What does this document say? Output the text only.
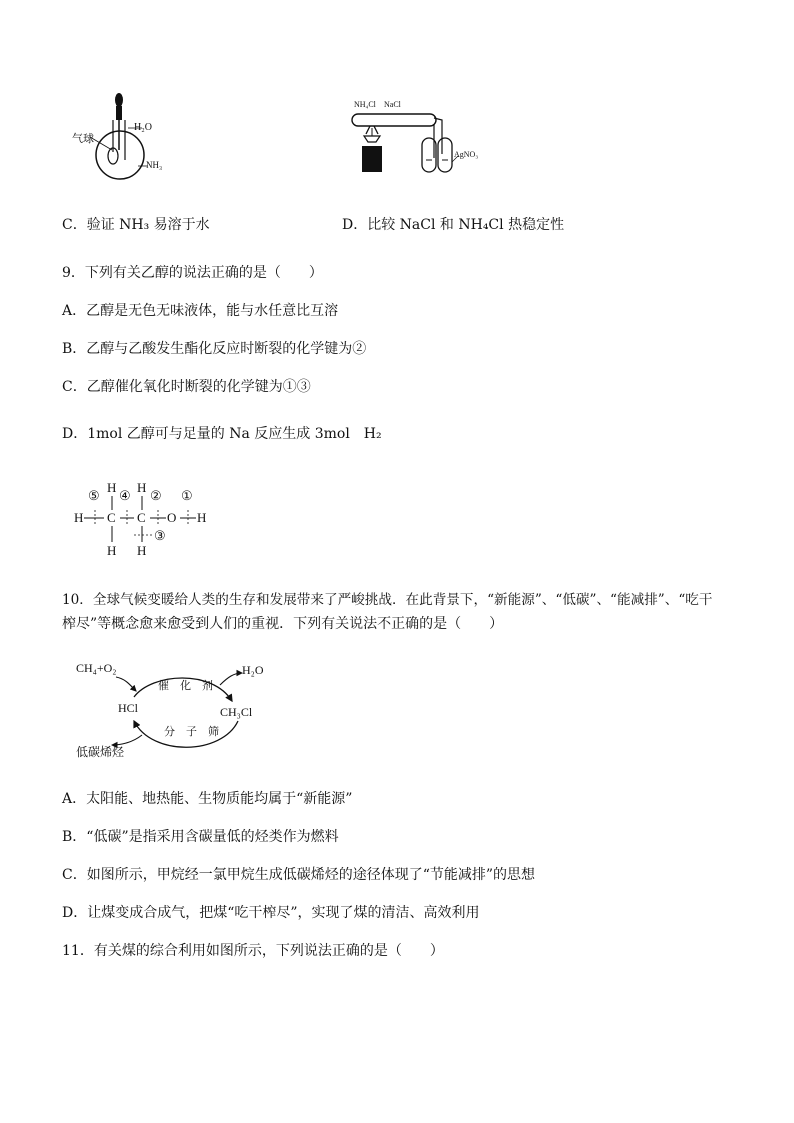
气球
H₂O
NH₃
NH₄Cl NaCl
AgNO₃
C．验证 NH₃ 易溶于水	D．比较 NaCl 和 NH₄Cl 热稳定性
9．下列有关乙醇的说法正确的是（　　）
A．乙醇是无色无味液体，能与水任意比互溶
B．乙醇与乙酸发生酯化反应时断裂的化学键为②
C．乙醇催化氧化时断裂的化学键为①③
D．1mol 乙醇可与足量的 Na 反应生成 3mol　H₂
H C C O H
H H
H H
⑤ ④ ② ①
③
10．全球气候变暖给人类的生存和发展带来了严峻挑战．在此背景下，“新能源”、“低碳”、“能减排”、“吃干
榨尽”等概念愈来愈受到人们的重视．下列有关说法不正确的是（　　）
CH₄+O₂	H₂O
HCl	CH₃Cl
催　化　剂
分　子　筛
低碳烯烃
A．太阳能、地热能、生物质能均属于“新能源”
B．“低碳”是指采用含碳量低的烃类作为燃料
C．如图所示，甲烷经一氯甲烷生成低碳烯烃的途径体现了“节能减排”的思想
D．让煤变成合成气，把煤“吃干榨尽”，实现了煤的清洁、高效利用
11．有关煤的综合利用如图所示，下列说法正确的是（　　）
